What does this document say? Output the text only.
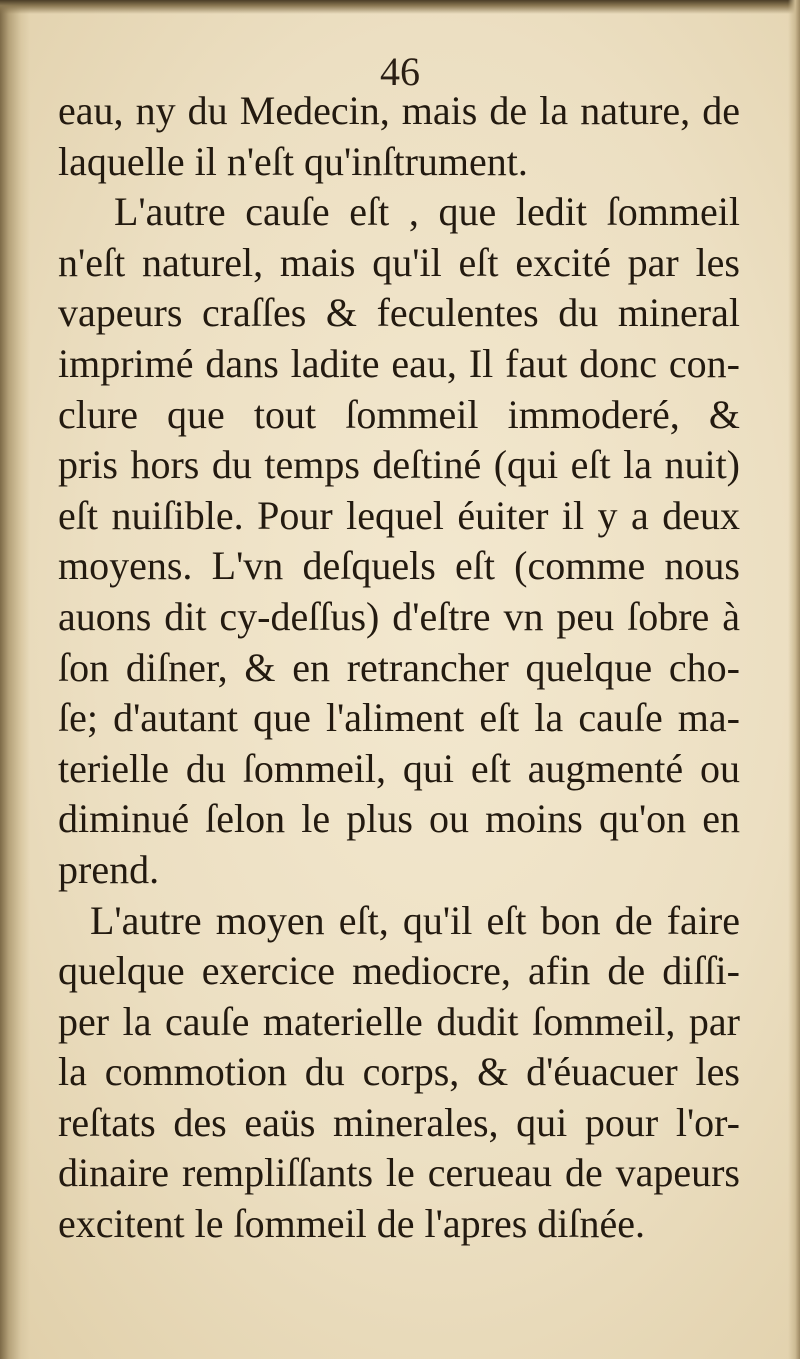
46
eau, ny du Medecin, mais de la nature, de
laquelle il n'eſt qu'inſtrument.
L'autre cauſe eſt , que ledit ſommeil
n'eſt naturel, mais qu'il eſt excité par les
vapeurs craſſes & feculentes du mineral
imprimé dans ladite eau, Il faut donc con-
clure que tout ſommeil immoderé, &
pris hors du temps deſtiné (qui eſt la nuit)
eſt nuiſible. Pour lequel éuiter il y a deux
moyens. L'vn deſquels eſt (comme nous
auons dit cy-deſſus) d'eſtre vn peu ſobre à
ſon diſner, & en retrancher quelque cho-
ſe; d'autant que l'aliment eſt la cauſe ma-
terielle du ſommeil, qui eſt augmenté ou
diminué ſelon le plus ou moins qu'on en
prend.
L'autre moyen eſt, qu'il eſt bon de faire
quelque exercice mediocre, afin de diſſi-
per la cauſe materielle dudit ſommeil, par
la commotion du corps, & d'éuacuer les
reſtats des eaüs minerales, qui pour l'or-
dinaire rempliſſants le cerueau de vapeurs
excitent le ſommeil de l'apres diſnée.
